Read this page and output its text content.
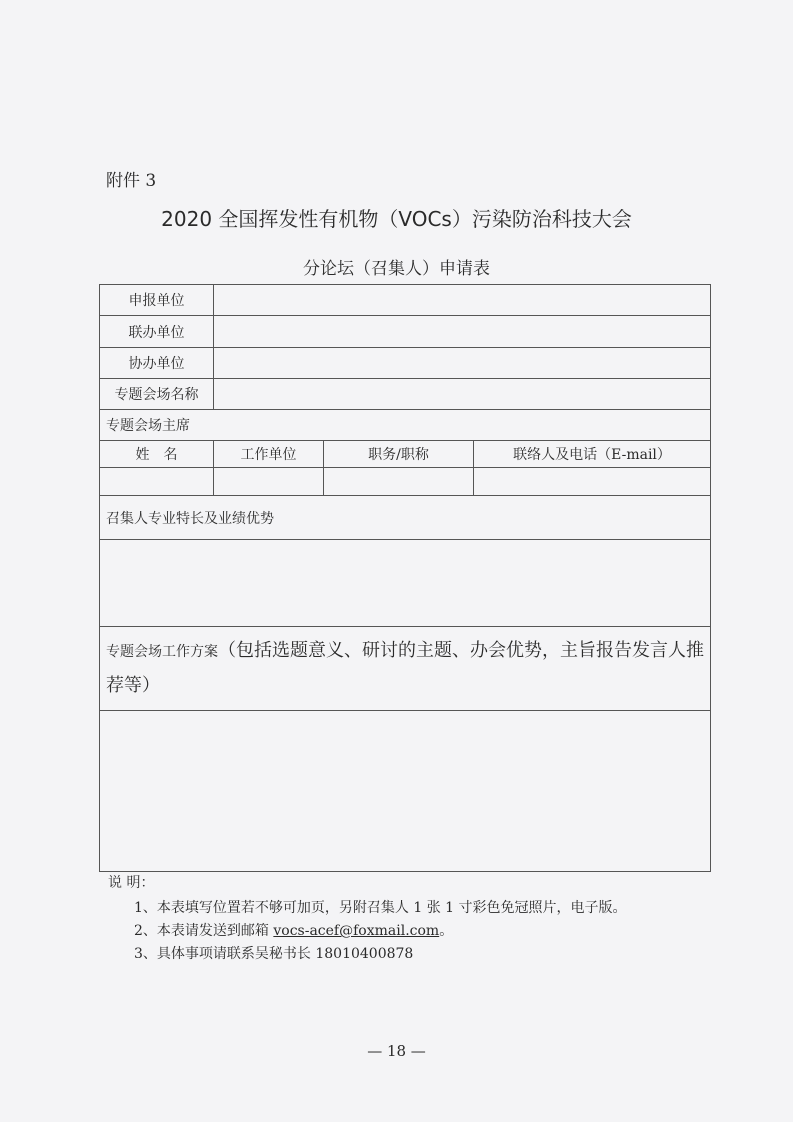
附件 3
2020 全国挥发性有机物（VOCs）污染防治科技大会
分论坛（召集人）申请表
申报单位			
联办单位			
协办单位			
专题会场名称			
专题会场主席			
姓　名	工作单位	职务/职称	联络人及电话（E-mail）

召集人专业特长及业绩优势			

专题会场工作方案（包括选题意义、研讨的主题、办会优势，主旨报告发言人推荐等）			

说 明：
1、本表填写位置若不够可加页，另附召集人 1 张 1 寸彩色免冠照片，电子版。
2、本表请发送到邮箱 vocs-acef@foxmail.com。
3、具体事项请联系吴秘书长 18010400878
— 18 —
